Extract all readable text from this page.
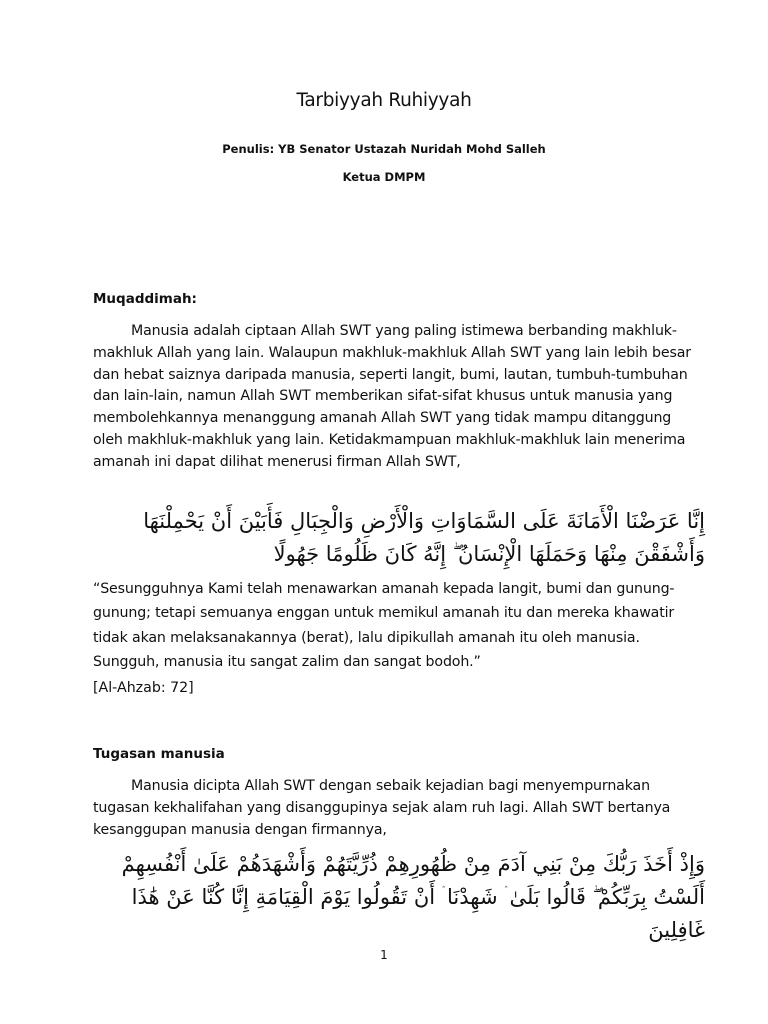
Tarbiyyah Ruhiyyah
Penulis: YB Senator Ustazah Nuridah Mohd Salleh
Ketua DMPM
Muqaddimah:

Manusia adalah ciptaan Allah SWT yang paling istimewa berbanding makhluk-makhluk Allah yang lain. Walaupun makhluk-makhluk Allah SWT yang lain lebih besar dan hebat saiznya daripada manusia, seperti langit, bumi, lautan, tumbuh-tumbuhan dan lain-lain, namun Allah SWT memberikan sifat-sifat khusus untuk manusia yang membolehkannya menanggung amanah Allah SWT yang tidak mampu ditanggung oleh makhluk-makhluk yang lain. Ketidakmampuan makhluk-makhluk lain menerima amanah ini dapat dilihat menerusi firman Allah SWT,

إِنَّا عَرَضْنَا الْأَمَانَةَ عَلَى السَّمَاوَاتِ وَالْأَرْضِ وَالْجِبَالِ فَأَبَيْنَ أَنْ يَحْمِلْنَهَا وَأَشْفَقْنَ مِنْهَا وَحَمَلَهَا الْإِنْسَانُ ۖ إِنَّهُ كَانَ ظَلُومًا جَهُولًا

“Sesungguhnya Kami telah menawarkan amanah kepada langit, bumi dan gunung-gunung; tetapi semuanya enggan untuk memikul amanah itu dan mereka khawatir tidak akan melaksanakannya (berat), lalu dipikullah amanah itu oleh manusia. Sungguh, manusia itu sangat zalim dan sangat bodoh.”

[Al-Ahzab: 72]
Tugasan manusia

Manusia dicipta Allah SWT dengan sebaik kejadian bagi menyempurnakan tugasan kekhalifahan yang disanggupinya sejak alam ruh lagi. Allah SWT bertanya kesanggupan manusia dengan firmannya,

وَإِذْ أَخَذَ رَبُّكَ مِنْ بَنِي آدَمَ مِنْ ظُهُورِهِمْ ذُرِّيَّتَهُمْ وَأَشْهَدَهُمْ عَلَىٰ أَنْفُسِهِمْ أَلَسْتُ بِرَبِّكُمْ ۖ قَالُوا بَلَىٰ ۛ شَهِدْنَا ۛ أَنْ تَقُولُوا يَوْمَ الْقِيَامَةِ إِنَّا كُنَّا عَنْ هَٰذَا غَافِلِينَ

1
